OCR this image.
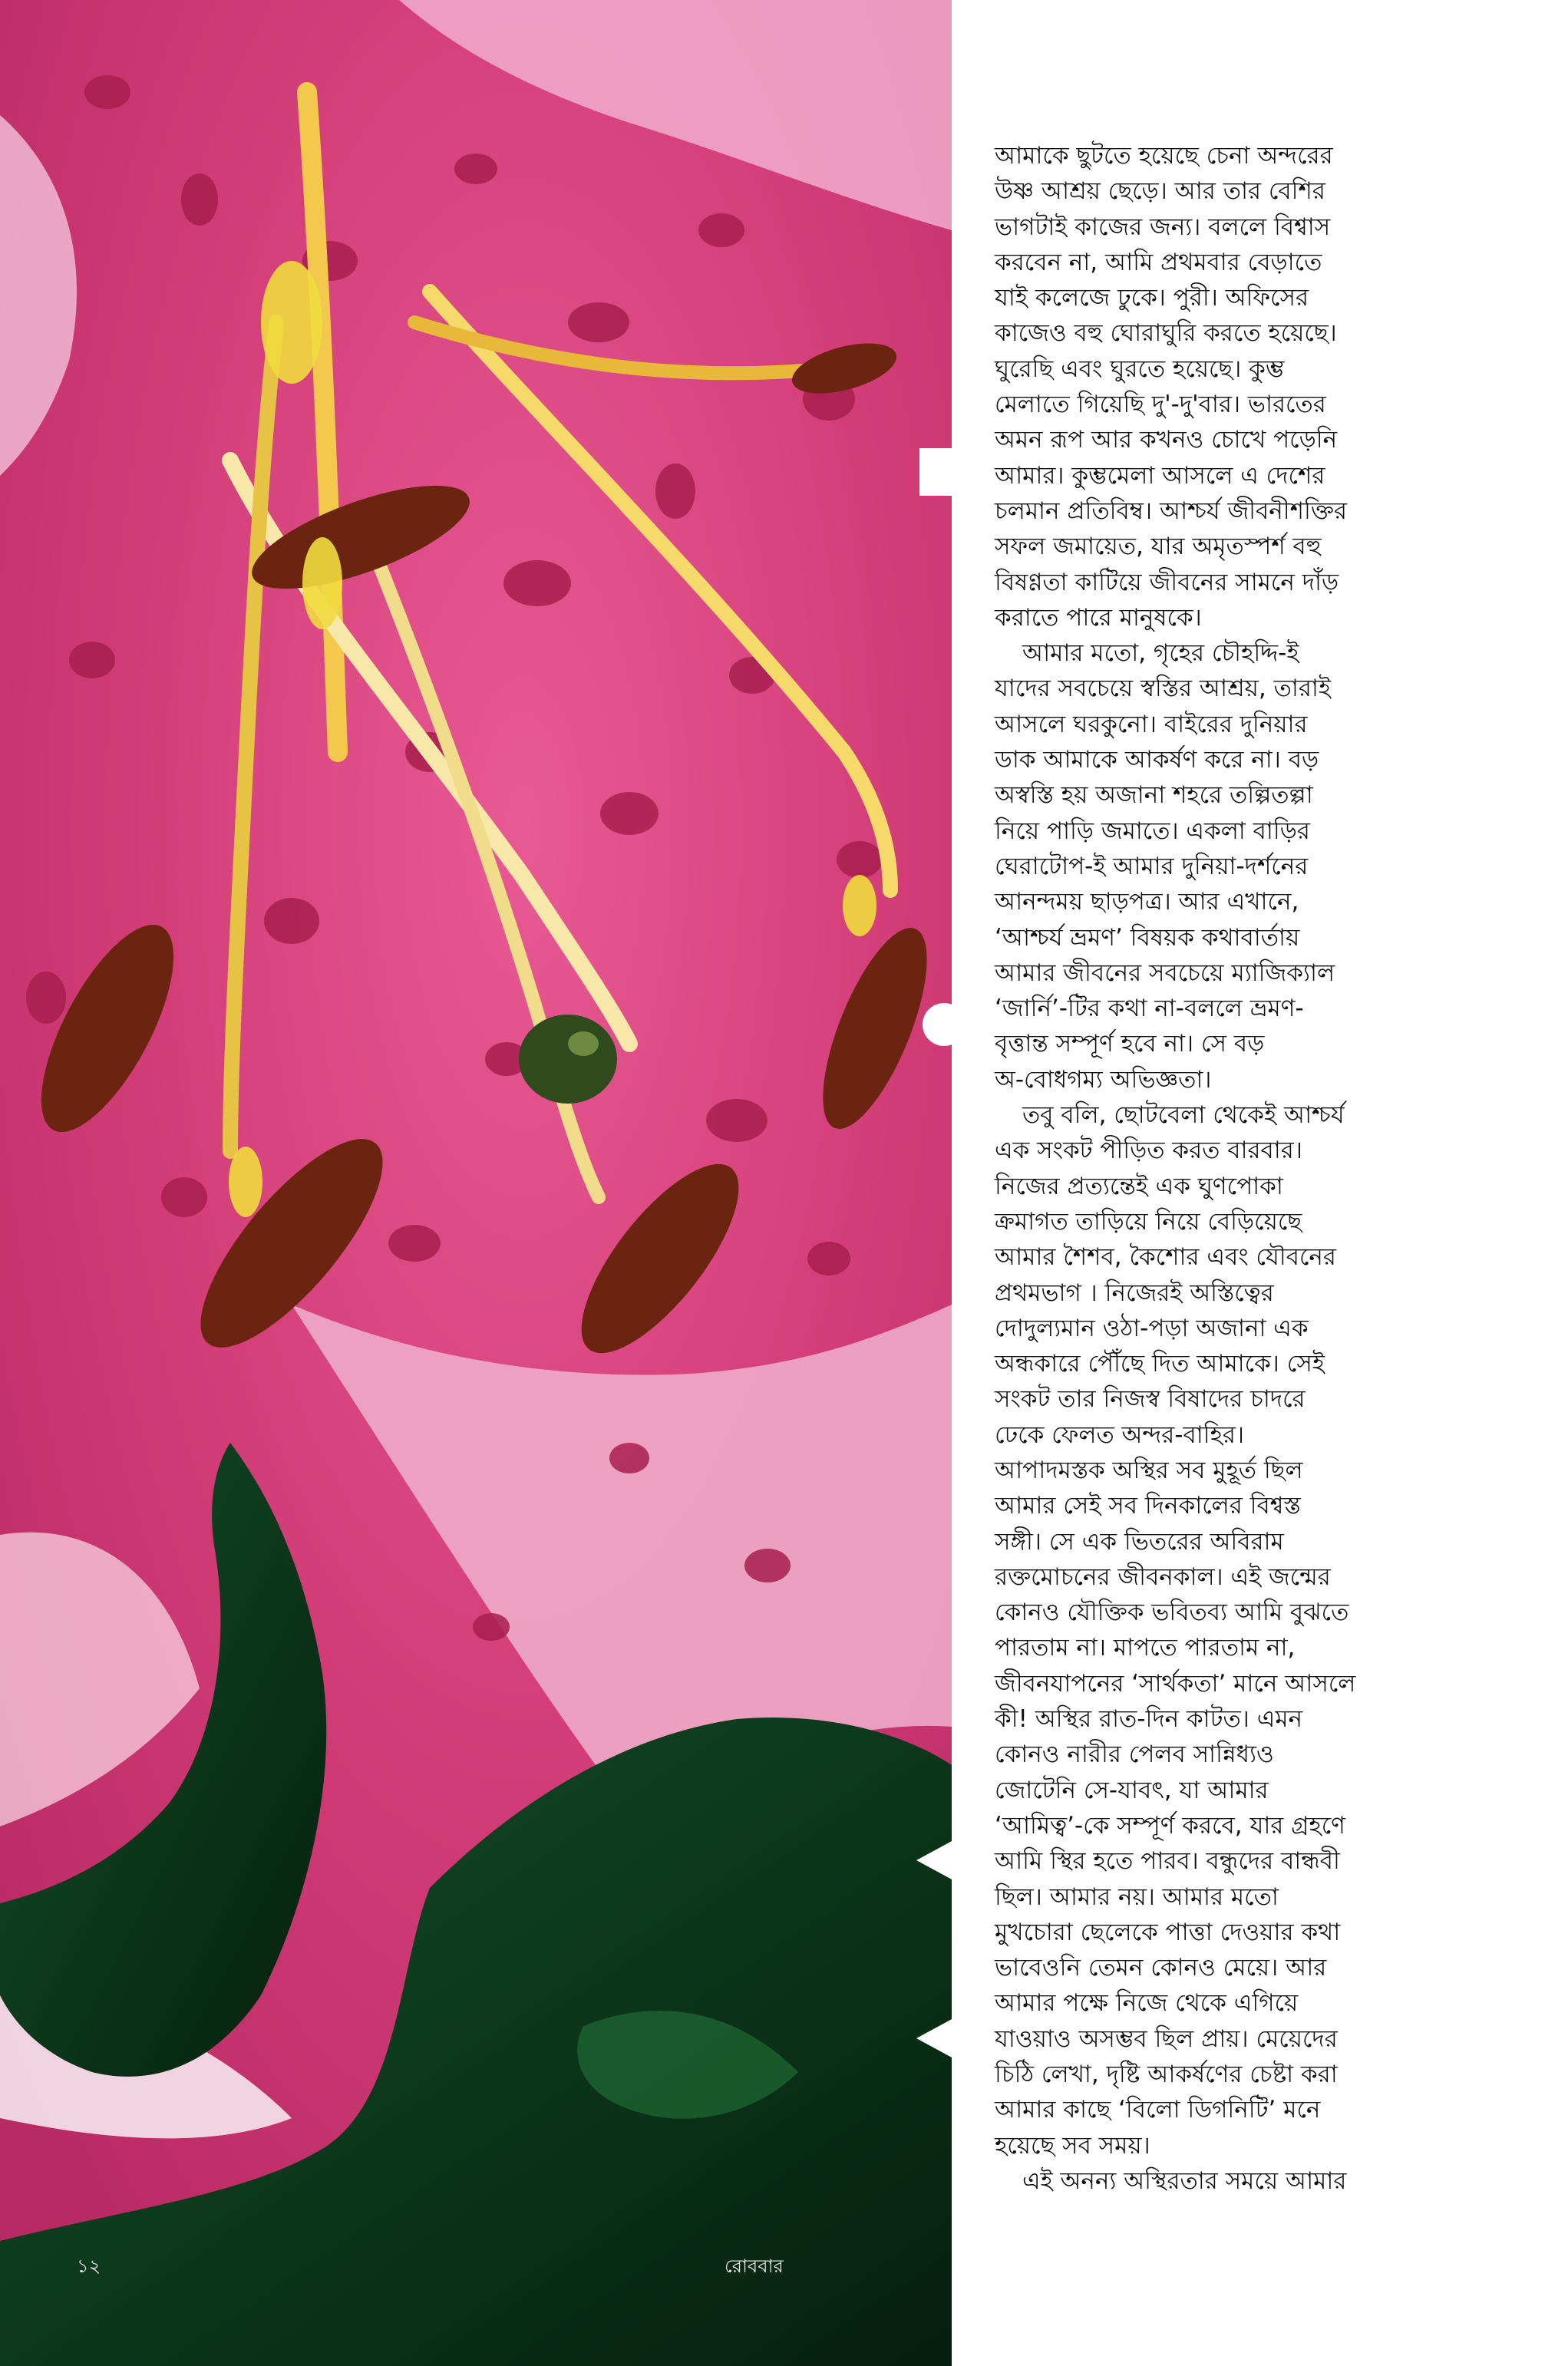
১২	রোববার
আমাকে ছুটতে হয়েছে চেনা অন্দরের
উষ্ণ আশ্রয় ছেড়ে। আর তার বেশির
ভাগটাই কাজের জন্য। বললে বিশ্বাস
করবেন না, আমি প্রথমবার বেড়াতে
যাই কলেজে ঢুকে। পুরী। অফিসের
কাজেও বহু ঘোরাঘুরি করতে হয়েছে।
ঘুরেছি এবং ঘুরতে হয়েছে। কুম্ভ
মেলাতে গিয়েছি দু'-দু'বার। ভারতের
অমন রূপ আর কখনও চোখে পড়েনি
আমার। কুম্ভমেলা আসলে এ দেশের
চলমান প্রতিবিম্ব। আশ্চর্য জীবনীশক্তির
সফল জমায়েত, যার অমৃতস্পর্শ বহু
বিষণ্ণতা কাটিয়ে জীবনের সামনে দাঁড়
করাতে পারে মানুষকে।
আমার মতো, গৃহের চৌহদ্দি-ই
যাদের সবচেয়ে স্বস্তির আশ্রয়, তারাই
আসলে ঘরকুনো। বাইরের দুনিয়ার
ডাক আমাকে আকর্ষণ করে না। বড়
অস্বস্তি হয় অজানা শহরে তল্পিতল্পা
নিয়ে পাড়ি জমাতে। একলা বাড়ির
ঘেরাটোপ-ই আমার দুনিয়া-দর্শনের
আনন্দময় ছাড়পত্র। আর এখানে,
‘আশ্চর্য ভ্রমণ’ বিষয়ক কথাবার্তায়
আমার জীবনের সবচেয়ে ম্যাজিক্যাল
‘জার্নি’-টির কথা না-বললে ভ্রমণ-
বৃত্তান্ত সম্পূর্ণ হবে না। সে বড়
অ-বোধগম্য অভিজ্ঞতা।
তবু বলি, ছোটবেলা থেকেই আশ্চর্য
এক সংকট পীড়িত করত বারবার।
নিজের প্রত্যন্তেই এক ঘুণপোকা
ক্রমাগত তাড়িয়ে নিয়ে বেড়িয়েছে
আমার শৈশব, কৈশোর এবং যৌবনের
প্রথমভাগ । নিজেরই অস্তিত্বের
দোদুল্যমান ওঠা-পড়া অজানা এক
অন্ধকারে পৌঁছে দিত আমাকে। সেই
সংকট তার নিজস্ব বিষাদের চাদরে
ঢেকে ফেলত অন্দর-বাহির।
আপাদমস্তক অস্থির সব মুহূর্ত ছিল
আমার সেই সব দিনকালের বিশ্বস্ত
সঙ্গী। সে এক ভিতরের অবিরাম
রক্তমোচনের জীবনকাল। এই জন্মের
কোনও যৌক্তিক ভবিতব্য আমি বুঝতে
পারতাম না। মাপতে পারতাম না,
জীবনযাপনের ‘সার্থকতা’ মানে আসলে
কী! অস্থির রাত-দিন কাটত। এমন
কোনও নারীর পেলব সান্নিধ্যও
জোটেনি সে-যাবৎ, যা আমার
‘আমিত্ব’-কে সম্পূর্ণ করবে, যার গ্রহণে
আমি স্থির হতে পারব। বন্ধুদের বান্ধবী
ছিল। আমার নয়। আমার মতো
মুখচোরা ছেলেকে পাত্তা দেওয়ার কথা
ভাবেওনি তেমন কোনও মেয়ে। আর
আমার পক্ষে নিজে থেকে এগিয়ে
যাওয়াও অসম্ভব ছিল প্রায়। মেয়েদের
চিঠি লেখা, দৃষ্টি আকর্ষণের চেষ্টা করা
আমার কাছে ‘বিলো ডিগনিটি’ মনে
হয়েছে সব সময়।
এই অনন্য অস্থিরতার সময়ে আমার
